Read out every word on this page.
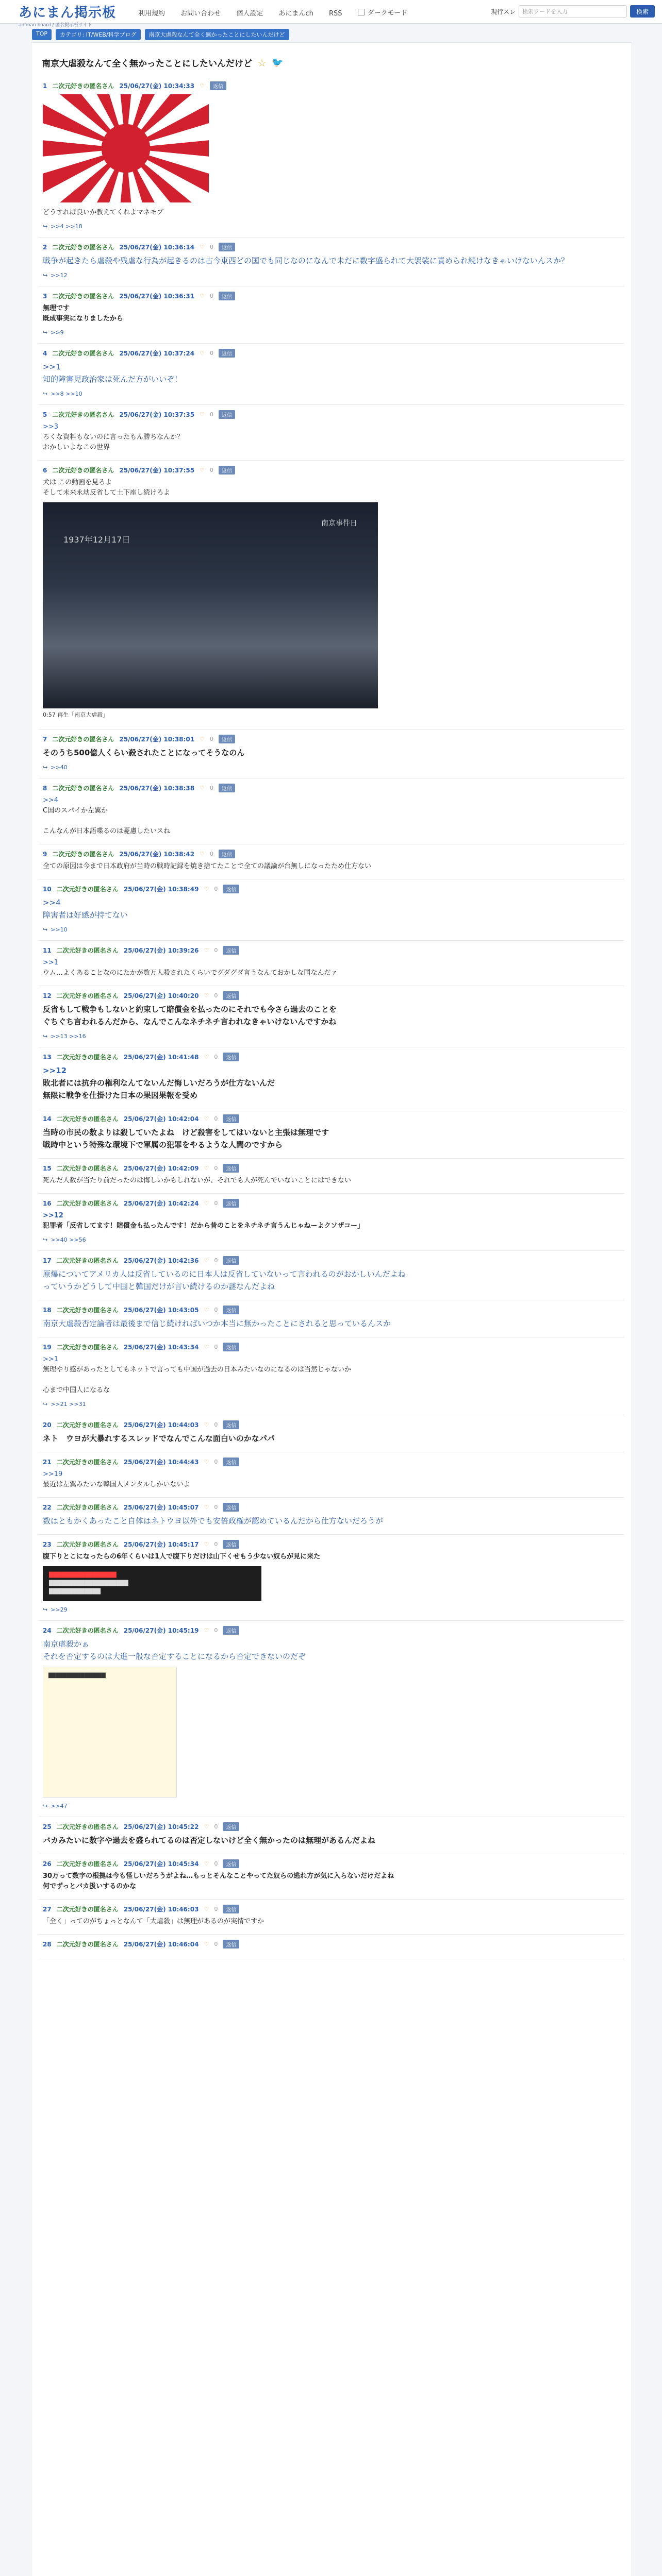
あにまん掲示板
animan board / 匿名掲示板サイト
利用規約 お問い合わせ 個人設定 あにまんch RSS	ダークモード	現行スレ	検索ワードを入力	検索
TOP	カテゴリ: IT/WEB/科学ブログ	南京大虐殺なんて全く無かったことにしたいんだけど
南京大虐殺なんて全く無かったことにしたいんだけど ☆ 🐦
1 二次元好きの匿名さん 25/06/27(金) 10:34:33 ♡	返信
どうすれば良いか教えてくれよマネモブ
↪ >>4 >>18
2 二次元好きの匿名さん 25/06/27(金) 10:36:14 ♡ 0	返信
戦争が起きたら虐殺や残虐な行為が起きるのは古今東西どの国でも同じなのになんで未だに数字盛られて大袈裟に責められ続けなきゃいけないんスか？
↪ >>12
3 二次元好きの匿名さん 25/06/27(金) 10:36:31 ♡ 0	返信
無理です
既成事実になりましたから
↪ >>9
4 二次元好きの匿名さん 25/06/27(金) 10:37:24 ♡ 0	返信
>>1
知的障害児政治家は死んだ方がいいぞ！
↪ >>8 >>10
5 二次元好きの匿名さん 25/06/27(金) 10:37:35 ♡ 0	返信
>>3
ろくな資料もないのに言ったもん勝ちなんか？
おかしいよなこの世界
6 二次元好きの匿名さん 25/06/27(金) 10:37:55 ♡ 0	返信
犬は この動画を見ろよ
そして未来永劫反省して土下座し続けろよ
南京事件日
1937年12月17日
0:57 再生「南京大虐殺」
7 二次元好きの匿名さん 25/06/27(金) 10:38:01 ♡ 0	返信
そのうち500億人くらい殺されたことになってそうなのん
↪ >>40
8 二次元好きの匿名さん 25/06/27(金) 10:38:38 ♡ 0	返信
>>4
C国のスパイか左翼か

こんなんが日本語喋るのは憂慮したいスね
9 二次元好きの匿名さん 25/06/27(金) 10:38:42 ♡ 0	返信
全ての原因は今まで日本政府が当時の戦時記録を焼き捨てたことで全ての議論が台無しになったため仕方ない
10 二次元好きの匿名さん 25/06/27(金) 10:38:49 ♡ 0	返信
>>4
障害者は好感が持てない
↪ >>10
11 二次元好きの匿名さん 25/06/27(金) 10:39:26 ♡ 0	返信
>>1
ウム…よくあることなのにたかが数万人殺されたくらいでグダグダ言うなんておかしな国なんだァ
12 二次元好きの匿名さん 25/06/27(金) 10:40:20 ♡ 0	返信
反省もして戦争もしないと約束して賠償金を払ったのにそれでも今さら過去のことを
ぐちぐち言われるんだから、なんでこんなネチネチ言われなきゃいけないんですかね
↪ >>13 >>16
13 二次元好きの匿名さん 25/06/27(金) 10:41:48 ♡ 0	返信
>>12
敗北者には抗弁の権利なんてないんだ悔しいだろうが仕方ないんだ
無限に戦争を仕掛けた日本の果因果報を受め
14 二次元好きの匿名さん 25/06/27(金) 10:42:04 ♡ 0	返信
当時の市民の数よりは殺していたよね　けど殺害をしてはいないと主張は無理です
戦時中という特殊な環境下で軍属の犯罪をやるような人間のですから
15 二次元好きの匿名さん 25/06/27(金) 10:42:09 ♡ 0	返信
死んだ人数が当たり前だったのは悔しいかもしれないが、それでも人が死んでいないことにはできない
16 二次元好きの匿名さん 25/06/27(金) 10:42:24 ♡ 0	返信
>>12
犯罪者「反省してます！賠償金も払ったんです！だから昔のことをネチネチ言うんじゃねーよクソザコー」
↪ >>40 >>56
17 二次元好きの匿名さん 25/06/27(金) 10:42:36 ♡ 0	返信
原爆についてアメリカ人は反省しているのに日本人は反省していないって言われるのがおかしいんだよね
っていうかどうして中国と韓国だけが言い続けるのか謎なんだよね
18 二次元好きの匿名さん 25/06/27(金) 10:43:05 ♡ 0	返信
南京大虐殺否定論者は最後まで信じ続ければいつか本当に無かったことにされると思っているんスか
19 二次元好きの匿名さん 25/06/27(金) 10:43:34 ♡ 0	返信
>>1
無理やり感があったとしてもネットで言っても中国が過去の日本みたいなのになるのは当然じゃないか

心まで中国人になるな
↪ >>21 >>31
20 二次元好きの匿名さん 25/06/27(金) 10:44:03 ♡ 0	返信
ネト　ウヨが大暴れするスレッドでなんでこんな面白いのかなパパ
21 二次元好きの匿名さん 25/06/27(金) 10:44:43 ♡ 0	返信
>>19
最近は左翼みたいな韓国人メンタルしかいないよ
22 二次元好きの匿名さん 25/06/27(金) 10:45:07 ♡ 0	返信
数はともかくあったこと自体はネトウヨ以外でも安倍政権が認めているんだから仕方ないだろうが
23 二次元好きの匿名さん 25/06/27(金) 10:45:17 ♡ 0	返信
腹下りとこになったらの6年くらいは1人で腹下りだけは山下くせもう少ない奴らが見に来た
█████████████████
████████████████████
█████████████
↪ >>29
24 二次元好きの匿名さん 25/06/27(金) 10:45:19 ♡ 0	返信
南京虐殺かぁ
それを否定するのは大進一般な否定することになるから否定できないのだぞ
████████████████
↪ >>47
25 二次元好きの匿名さん 25/06/27(金) 10:45:22 ♡ 0	返信
バカみたいに数字や過去を盛られてるのは否定しないけど全く無かったのは無理があるんだよね
26 二次元好きの匿名さん 25/06/27(金) 10:45:34 ♡ 0	返信
30万って数字の根拠は今も怪しいだろうがよね…もっとそんなことやってた奴らの逃れ方が気に入らないだけだよね
何でずっとバカ扱いするのかな
27 二次元好きの匿名さん 25/06/27(金) 10:46:03 ♡ 0	返信
「全く」ってのがちょっとなんて「大虐殺」は無理があるのが実情ですか
28 二次元好きの匿名さん 25/06/27(金) 10:46:04 ♡ 0	返信
